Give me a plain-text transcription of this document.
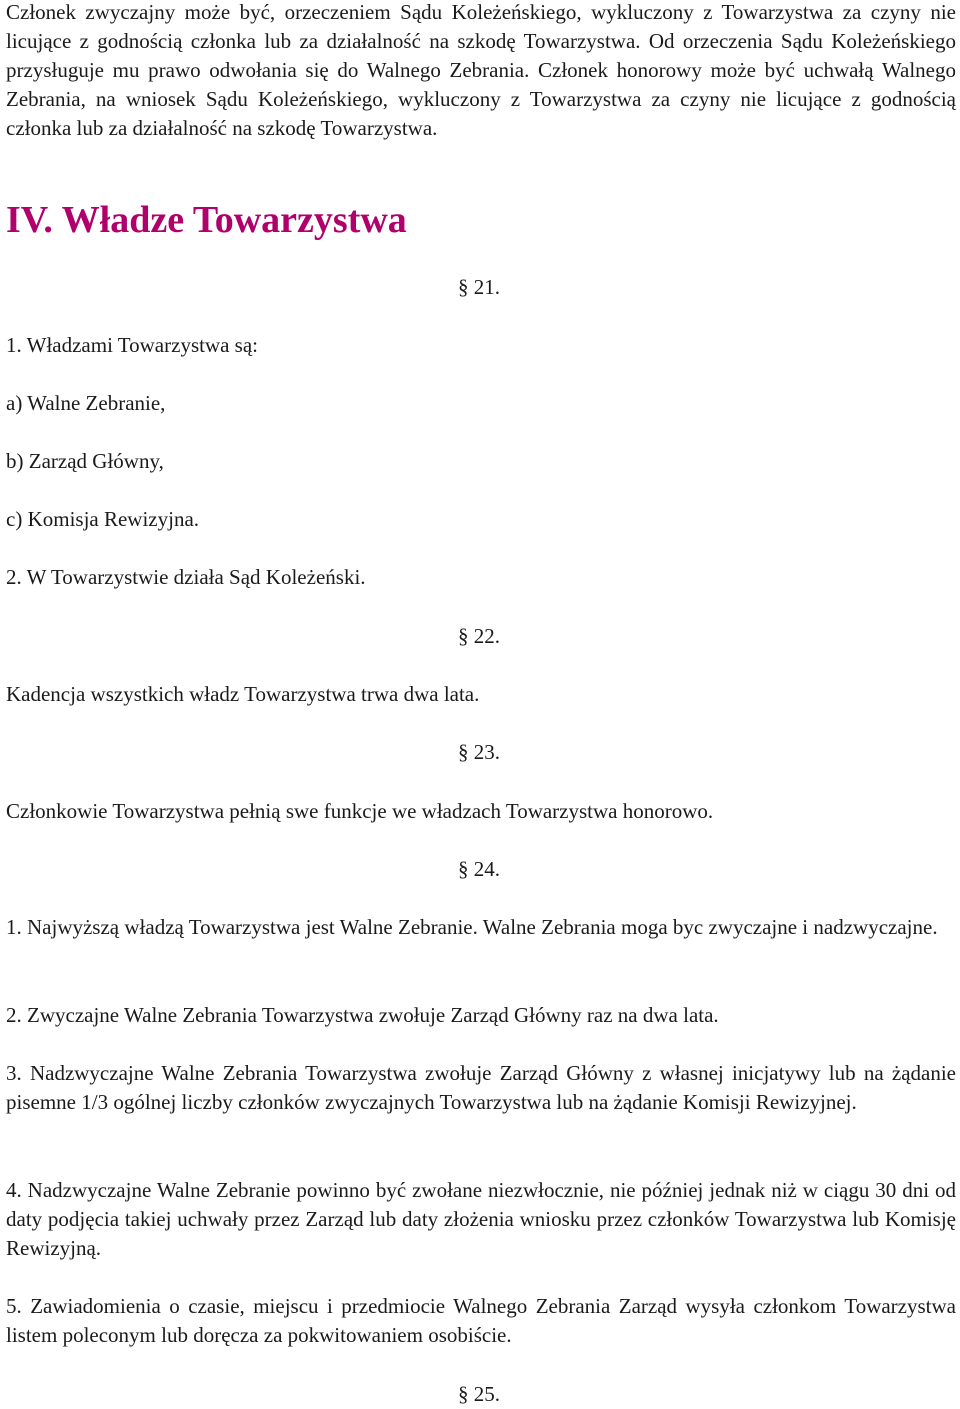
Członek zwyczajny może być, orzeczeniem Sądu Koleżeńskiego, wykluczony z Towarzystwa za czyny nie licujące z godnością członka lub za działalność na szkodę Towarzystwa. Od orzeczenia Sądu Koleżeńskiego przysługuje mu prawo odwołania się do Walnego Zebrania. Członek honorowy może być uchwałą Walnego Zebrania, na wniosek Sądu Koleżeńskiego, wykluczony z Towarzystwa za czyny nie licujące z godnością członka lub za działalność na szkodę Towarzystwa.

IV. Władze Towarzystwa
§ 21.

1. Władzami Towarzystwa są:

a) Walne Zebranie,

b) Zarząd Główny,

c) Komisja Rewizyjna.

2. W Towarzystwie działa Sąd Koleżeński.

§ 22.

Kadencja wszystkich władz Towarzystwa trwa dwa lata.

§ 23.

Członkowie Towarzystwa pełnią swe funkcje we władzach Towarzystwa honorowo.

§ 24.

1. Najwyższą władzą Towarzystwa jest Walne Zebranie. Walne Zebrania moga byc zwyczajne i nadzwyczajne.

2. Zwyczajne Walne Zebrania Towarzystwa zwołuje Zarząd Główny raz na dwa lata.

3. Nadzwyczajne Walne Zebrania Towarzystwa zwołuje Zarząd Główny z własnej inicjatywy lub na żądanie pisemne 1/3 ogólnej liczby członków zwyczajnych Towarzystwa lub na żądanie Komisji Rewizyjnej.

4. Nadzwyczajne Walne Zebranie powinno być zwołane niezwłocznie, nie później jednak niż w ciągu 30 dni od daty podjęcia takiej uchwały przez Zarząd lub daty złożenia wniosku przez członków Towarzystwa lub Komisję Rewizyjną.

5. Zawiadomienia o czasie, miejscu i przedmiocie Walnego Zebrania Zarząd wysyła członkom Towarzystwa listem poleconym lub doręcza za pokwitowaniem osobiście.

§ 25.
